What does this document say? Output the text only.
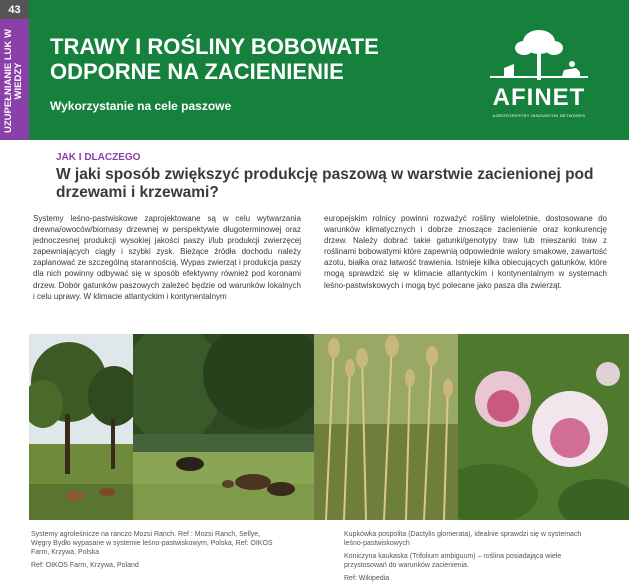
43
UZUPEŁNIANIE LUK W WIEDZY
TRAWY I ROŚLINY BOBOWATE ODPORNE NA ZACIENIENIE
Wykorzystanie na cele paszowe	AFINET
AGROFORESTRY INNOVATION NETWORKS
JAK I DLACZEGO
W jaki sposób zwiększyć produkcję paszową w warstwie zacienionej pod drzewami i krzewami?
Systemy leśno-pastwiskowe zaprojektowane są w celu wytwarzania drewna/owoców/biomasy drzewnej w perspektywie długoterminowej oraz jednoczesnej produkcji wysokiej jakości paszy i/lub produkcji zwierzęcej zapewniających ciągły i szybki zysk. Bieżące źródła dochodu należy zaplanować ze szczególną starannością. Wypas zwierząt i produkcja paszy dla nich powinny odbywać się w sposób efektywny również pod koronami drzew. Dobór gatunków paszowych zależeć będzie od warunków lokalnych i celu uprawy. W klimacie atlantyckim i kontynentalnym
europejskim rolnicy powinni rozważyć rośliny wieloletnie, dostosowane do warunków klimatycznych i dobrze znoszące zacienienie oraz konkurencję drzew. Należy dobrać takie gatunki/genotypy traw lub mieszanki traw z roślinami bobowatymi które zapewnią odpowiednie walory smakowe, zawartość azotu, białka oraz łatwość trawienia. Istnieje kilka obiecujących gatunków, które mogą sprawdzić się w klimacie atlantyckim i kontynentalnym w systemach leśno-pastwiskowych i mogą być polecane jako pasza dla zwierząt.
Systemy agroleśnicze na ranczo Mozsi Ranch. Ref : Mozsi Ranch, Sellye, Węgry Bydło wypasane w systemie leśno-pastwiskowym, Polska, Ref: OIKOS Farm, Krzywa, Polska
Ref: OIKOS Farm, Krzywa, Poland
Kupkówka pospolita (Dactylis glomerata), idealnie sprawdzi się w systemach leśno-pastwiskowych
Koniczyna kaukaska (Trifolium ambiguum) – roślina posiadająca wiele przystosowań do warunków zacienienia.
Ref: Wikipedia
